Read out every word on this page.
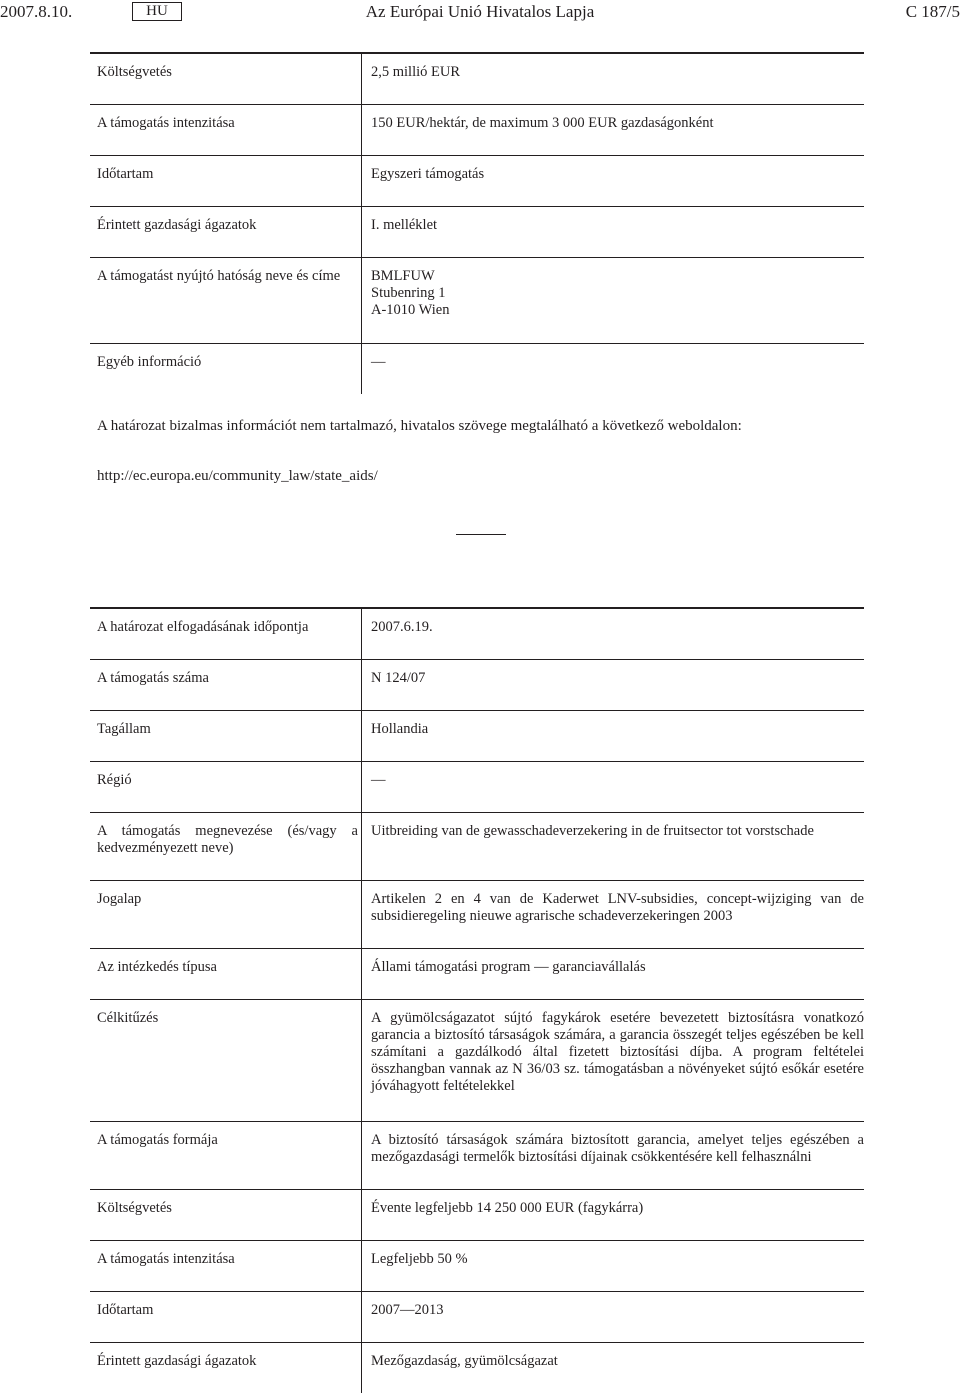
Az Európai Unió Hivatalos Lapja
2007.8.10.	HU	C 187/5
Költségvetés	2,5 millió EUR

A támogatás intenzitása	150 EUR/hektár, de maximum 3 000 EUR gazdaságonként

Időtartam	Egyszeri támogatás

Érintett gazdasági ágazatok	I. melléklet

A támogatást nyújtó hatóság neve és címe	BMLFUW
Stubenring 1
A-1010 Wien

Egyéb információ	—
A határozat bizalmas információt nem tartalmazó, hivatalos szövege megtalálható a következő weboldalon:
http://ec.europa.eu/community_law/state_aids/
A határozat elfogadásának időpontja	2007.6.19.

A támogatás száma	N 124/07

Tagállam	Hollandia

Régió	—

A támogatás megnevezése (és/vagy a kedvezményezett neve)	Uitbreiding van de gewasschadeverzekering in de fruitsector tot vorstschade

Jogalap	Artikelen 2 en 4 van de Kaderwet LNV-subsidies, concept-wijziging van de subsidieregeling nieuwe agrarische schadeverzekeringen 2003

Az intézkedés típusa	Állami támogatási program — garanciavállalás

Célkitűzés	A gyümölcságazatot sújtó fagykárok esetére bevezetett biztosításra vonatkozó garancia a biztosító társaságok számára, a garancia összegét teljes egészében be kell számítani a gazdálkodó által fizetett biztosítási díjba. A program feltételei összhangban vannak az N 36/03 sz. támogatásban a növényeket sújtó esőkár esetére jóváhagyott feltételekkel

A támogatás formája	A biztosító társaságok számára biztosított garancia, amelyet teljes egészében a mezőgazdasági termelők biztosítási díjainak csökkentésére kell felhasználni

Költségvetés	Évente legfeljebb 14 250 000 EUR (fagykárra)

A támogatás intenzitása	Legfeljebb 50 %

Időtartam	2007—2013

Érintett gazdasági ágazatok	Mezőgazdaság, gyümölcságazat
